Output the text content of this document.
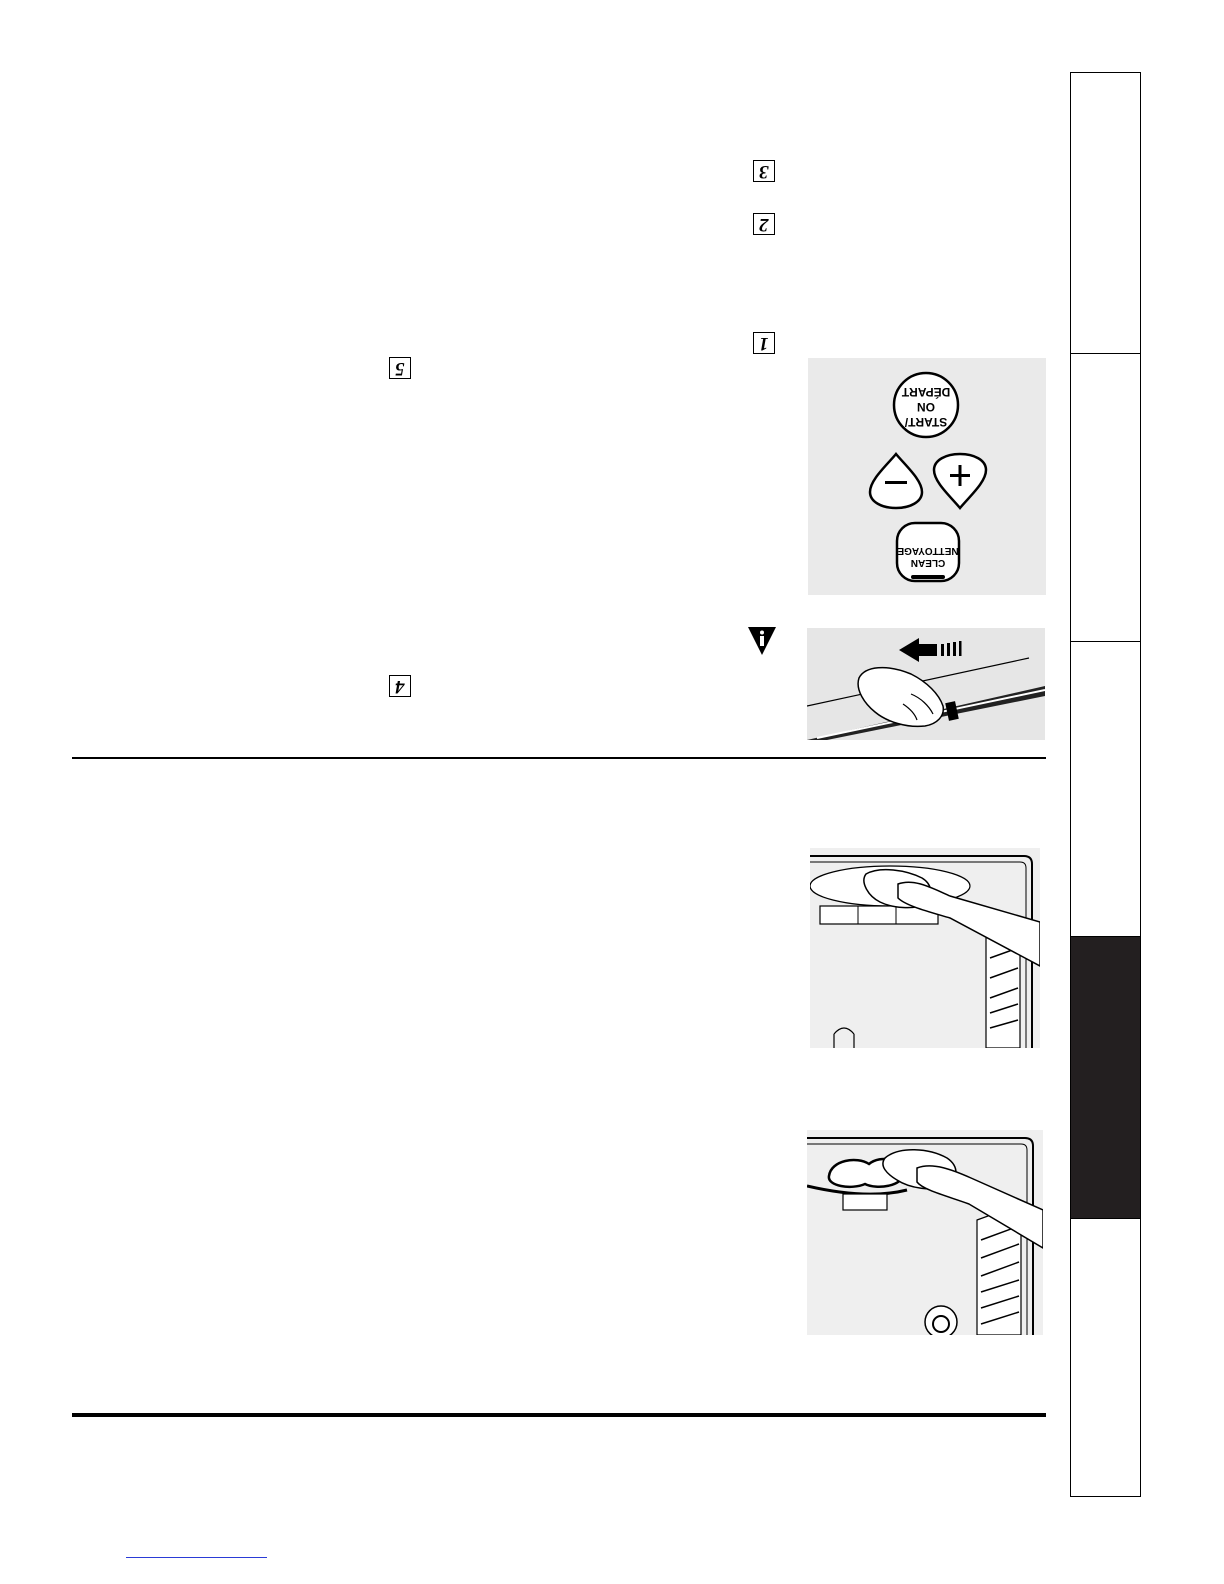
3
2
1
5
4
START/
ON
DÉPART
CLEAN
NETTOYAGE
